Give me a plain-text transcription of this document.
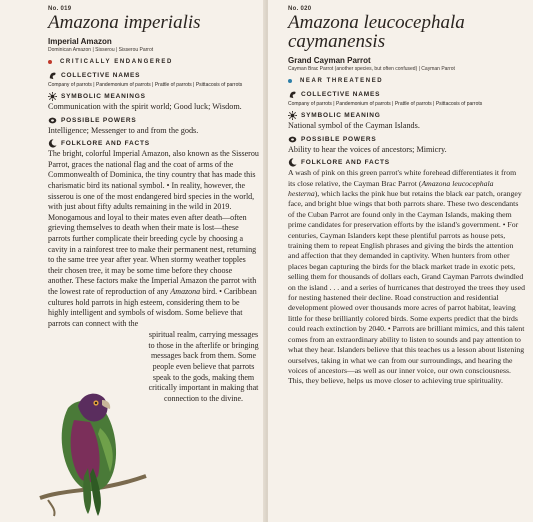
No. 019
Amazona imperialis
Imperial Amazon
Dominican Amazon | Sisserou | Sisserou Parrot
CRITICALLY ENDANGERED
COLLECTIVE NAMES
Company of parrots | Pandemonium of parrots | Prattle of parrots | Psittacosis of parrots
SYMBOLIC MEANINGS
Communication with the spirit world; Good luck; Wisdom.
POSSIBLE POWERS
Intelligence; Messenger to and from the gods.
FOLKLORE AND FACTS
The bright, colorful Imperial Amazon, also known as the Sisserou Parrot, graces the national flag and the coat of arms of the Commonwealth of Dominica, the tiny country that has made this charismatic bird its national symbol. • In reality, however, the sisserou is one of the most endangered bird species in the world, with just about fifty adults remaining in the wild in 2019. Monogamous and loyal to their mates even after death—often grieving themselves to death when their mate is lost—these parrots further complicate their breeding cycle by choosing a cavity in a rainforest tree to make their permanent nest, returning to the same tree year after year. When stormy weather topples their chosen tree, it may be some time before they choose another. These factors make the Imperial Amazon the parrot with the lowest rate of reproduction of any Amazona bird. • Caribbean cultures hold parrots in high esteem, considering them to be highly intelligent and symbols of wisdom. Some believe that parrots can connect with the
spiritual realm, carrying messages to those in the afterlife or bringing messages back from them. Some people even believe that parrots speak to the gods, making them critically important in making that connection to the divine.
No. 020
Amazona leucocephala caymanensis
Grand Cayman Parrot
Cayman Brac Parrot (another species, but often confused) | Cayman Parrot
NEAR THREATENED
COLLECTIVE NAMES
Company of parrots | Pandemonium of parrots | Prattle of parrots | Psittacosis of parrots
SYMBOLIC MEANING
National symbol of the Cayman Islands.
POSSIBLE POWERS
Ability to hear the voices of ancestors; Mimicry.
FOLKLORE AND FACTS
A wash of pink on this green parrot's white forehead differentiates it from its close relative, the Cayman Brac Parrot (Amazona leucocephala hesterna), which lacks the pink hue but retains the black ear patch, orangey face, and bright blue wings that both parrots share. These two descendants of the Cuban Parrot are found only in the Cayman Islands, making them prime candidates for preservation efforts by the island's government. • For centuries, Cayman Islanders kept these plentiful parrots as house pets, training them to repeat English phrases and giving the birds the attention and affection that they demanded in captivity. When hunters from other places began capturing the birds for the black market trade in exotic pets, selling them for thousands of dollars each, Grand Cayman Parrots dwindled on the island . . . and a series of hurricanes that destroyed the trees they used for nesting hastened their decline. Road construction and residential development plowed over thousands more acres of parrot habitat, leaving little for these brilliantly colored birds. Some experts predict that the birds could reach extinction by 2040. • Parrots are brilliant mimics, and this talent comes from an extraordinary ability to listen to sounds and pay attention to what they hear. Islanders believe that this teaches us a lesson about listening ourselves, taking in what we can from our surroundings, and hearing the voices of ancestors—as well as our inner voice, our own consciousness. This, they believe, helps us move closer to achieving true spirituality.
